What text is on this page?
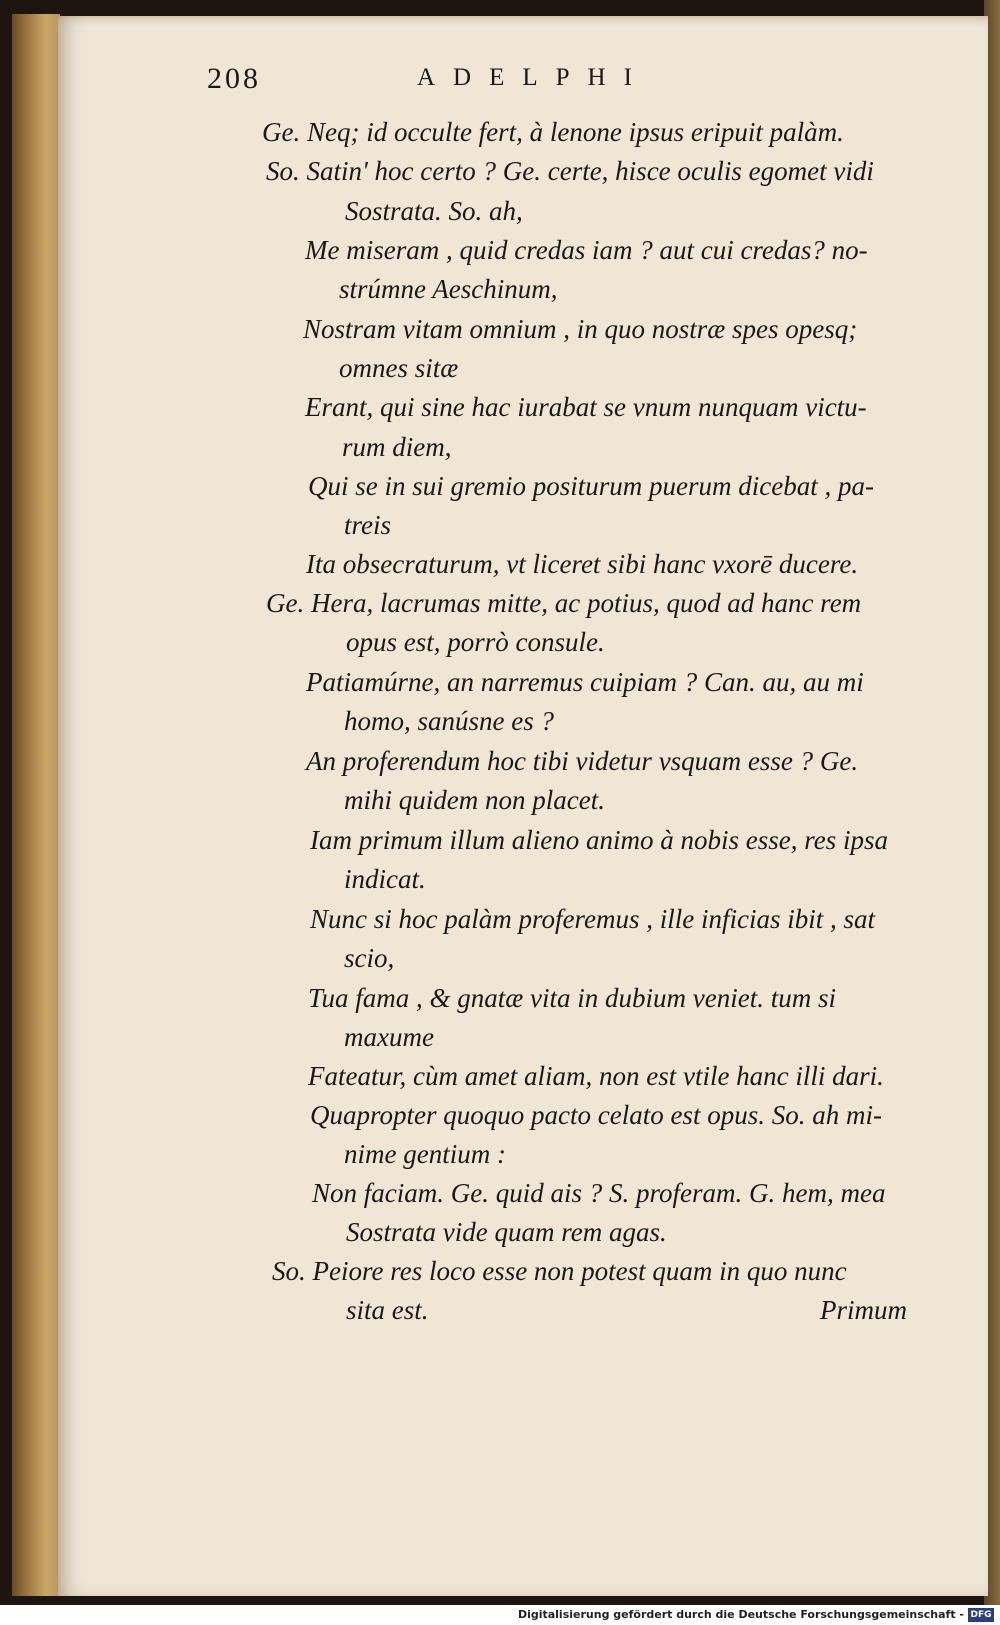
208	ADELPHI
Ge. Neq; id occulte fert, à lenone ipsus eripuit palàm.
So. Satin' hoc certo ? Ge. certe, hisce oculis egomet vidi
Sostrata. So. ah,
Me miseram , quid credas iam ? aut cui credas? no-
strúmne Aeschinum,
Nostram vitam omnium , in quo nostræ spes opesq;
omnes sitæ
Erant, qui sine hac iurabat se vnum nunquam victu-
rum diem,
Qui se in sui gremio positurum puerum dicebat , pa-
treis
Ita obsecraturum, vt liceret sibi hanc vxorē ducere.
Ge. Hera, lacrumas mitte, ac potius, quod ad hanc rem
opus est, porrò consule.
Patiamúrne, an narremus cuipiam ? Can. au, au mi
homo, sanúsne es ?
An proferendum hoc tibi videtur vsquam esse ? Ge.
mihi quidem non placet.
Iam primum illum alieno animo à nobis esse, res ipsa
indicat.
Nunc si hoc palàm proferemus , ille inficias ibit , sat
scio,
Tua fama , & gnatæ vita in dubium veniet. tum si
maxume
Fateatur, cùm amet aliam, non est vtile hanc illi dari.
Quapropter quoquo pacto celato est opus. So. ah mi-
nime gentium :
Non faciam. Ge. quid ais ? S. proferam. G. hem, mea
Sostrata vide quam rem agas.
So. Peiore res loco esse non potest quam in quo nunc
sita est.	Primum
Digitalisierung gefördert durch die Deutsche Forschungsgemeinschaft - DFG
